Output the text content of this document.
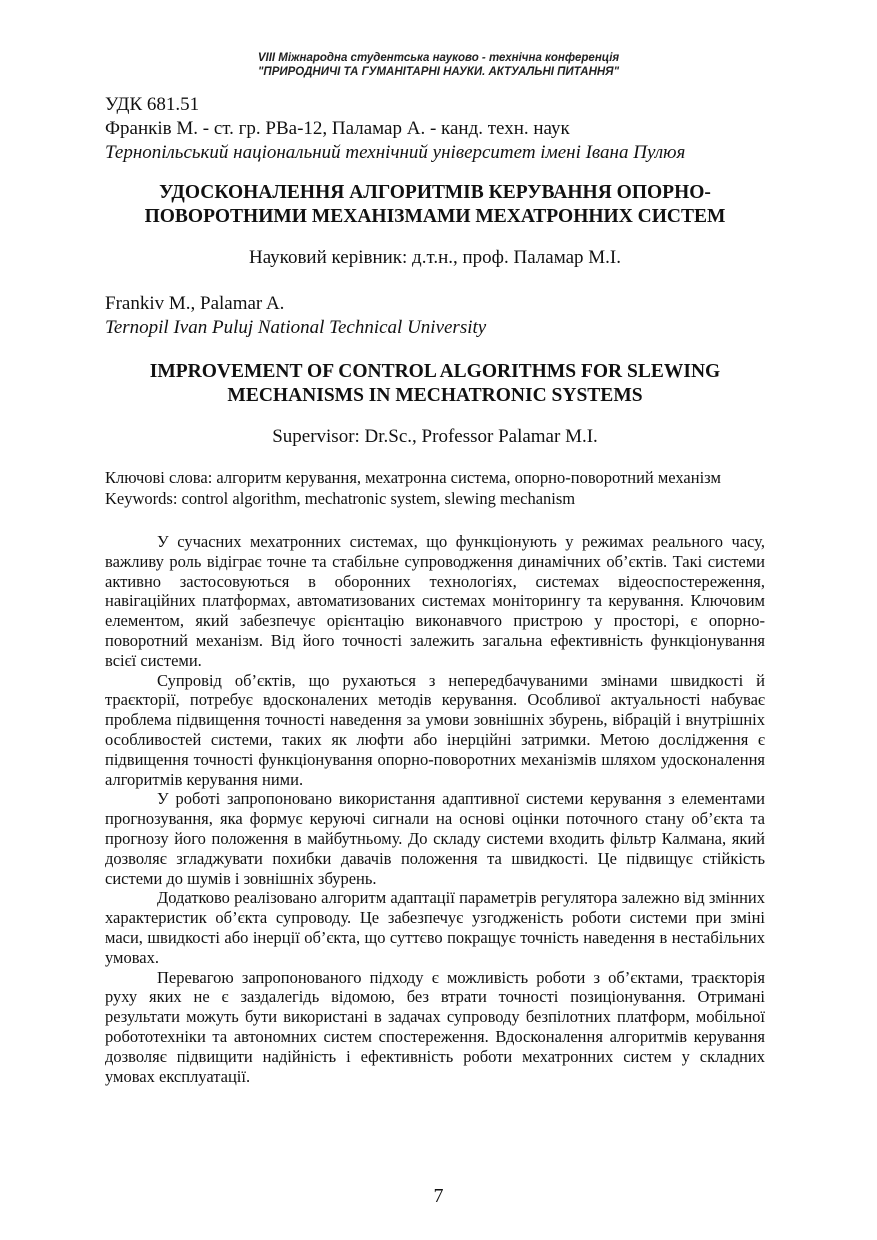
VIII Міжнародна студентська науково - технічна конференція
"ПРИРОДНИЧІ ТА ГУМАНІТАРНІ НАУКИ. АКТУАЛЬНІ ПИТАННЯ"
УДК 681.51
Франків М. - ст. гр. РВа-12, Паламар А. - канд. техн. наук
Тернопільський національний технічний університет імені Івана Пулюя
УДОСКОНАЛЕННЯ АЛГОРИТМІВ КЕРУВАННЯ ОПОРНО-
ПОВОРОТНИМИ МЕХАНІЗМАМИ МЕХАТРОННИХ СИСТЕМ
Науковий керівник: д.т.н., проф. Паламар М.І.
Frankiv M., Palamar A.
Ternopil Ivan Puluj National Technical University
IMPROVEMENT OF CONTROL ALGORITHMS FOR SLEWING
MECHANISMS IN MECHATRONIC SYSTEMS
Supervisor: Dr.Sc., Professor Palamar M.I.
Ключові слова: алгоритм керування, мехатронна система, опорно-поворотний механізм
Keywords: control algorithm, mechatronic system, slewing mechanism

У сучасних мехатронних системах, що функціонують у режимах реального часу, важливу роль відіграє точне та стабільне супроводження динамічних об’єктів. Такі системи активно застосовуються в оборонних технологіях, системах відеоспостереження, навігаційних платформах, автоматизованих системах моніторингу та керування. Ключовим елементом, який забезпечує орієнтацію виконавчого пристрою у просторі, є опорно-поворотний механізм. Від його точності залежить загальна ефективність функціонування всієї системи.

Супровід об’єктів, що рухаються з непередбачуваними змінами швидкості й траєкторії, потребує вдосконалених методів керування. Особливої актуальності набуває проблема підвищення точності наведення за умови зовнішніх збурень, вібрацій і внутрішніх особливостей системи, таких як люфти або інерційні затримки. Метою дослідження є підвищення точності функціонування опорно-поворотних механізмів шляхом удосконалення алгоритмів керування ними.

У роботі запропоновано використання адаптивної системи керування з елементами прогнозування, яка формує керуючі сигнали на основі оцінки поточного стану об’єкта та прогнозу його положення в майбутньому. До складу системи входить фільтр Калмана, який дозволяє згладжувати похибки давачів положення та швидкості. Це підвищує стійкість системи до шумів і зовнішніх збурень.

Додатково реалізовано алгоритм адаптації параметрів регулятора залежно від змінних характеристик об’єкта супроводу. Це забезпечує узгодженість роботи системи при зміні маси, швидкості або інерції об’єкта, що суттєво покращує точність наведення в нестабільних умовах.

Перевагою запропонованого підходу є можливість роботи з об’єктами, траєкторія руху яких не є заздалегідь відомою, без втрати точності позиціонування. Отримані результати можуть бути використані в задачах супроводу безпілотних платформ, мобільної робототехніки та автономних систем спостереження. Вдосконалення алгоритмів керування дозволяє підвищити надійність і ефективність роботи мехатронних систем у складних умовах експлуатації.

7
